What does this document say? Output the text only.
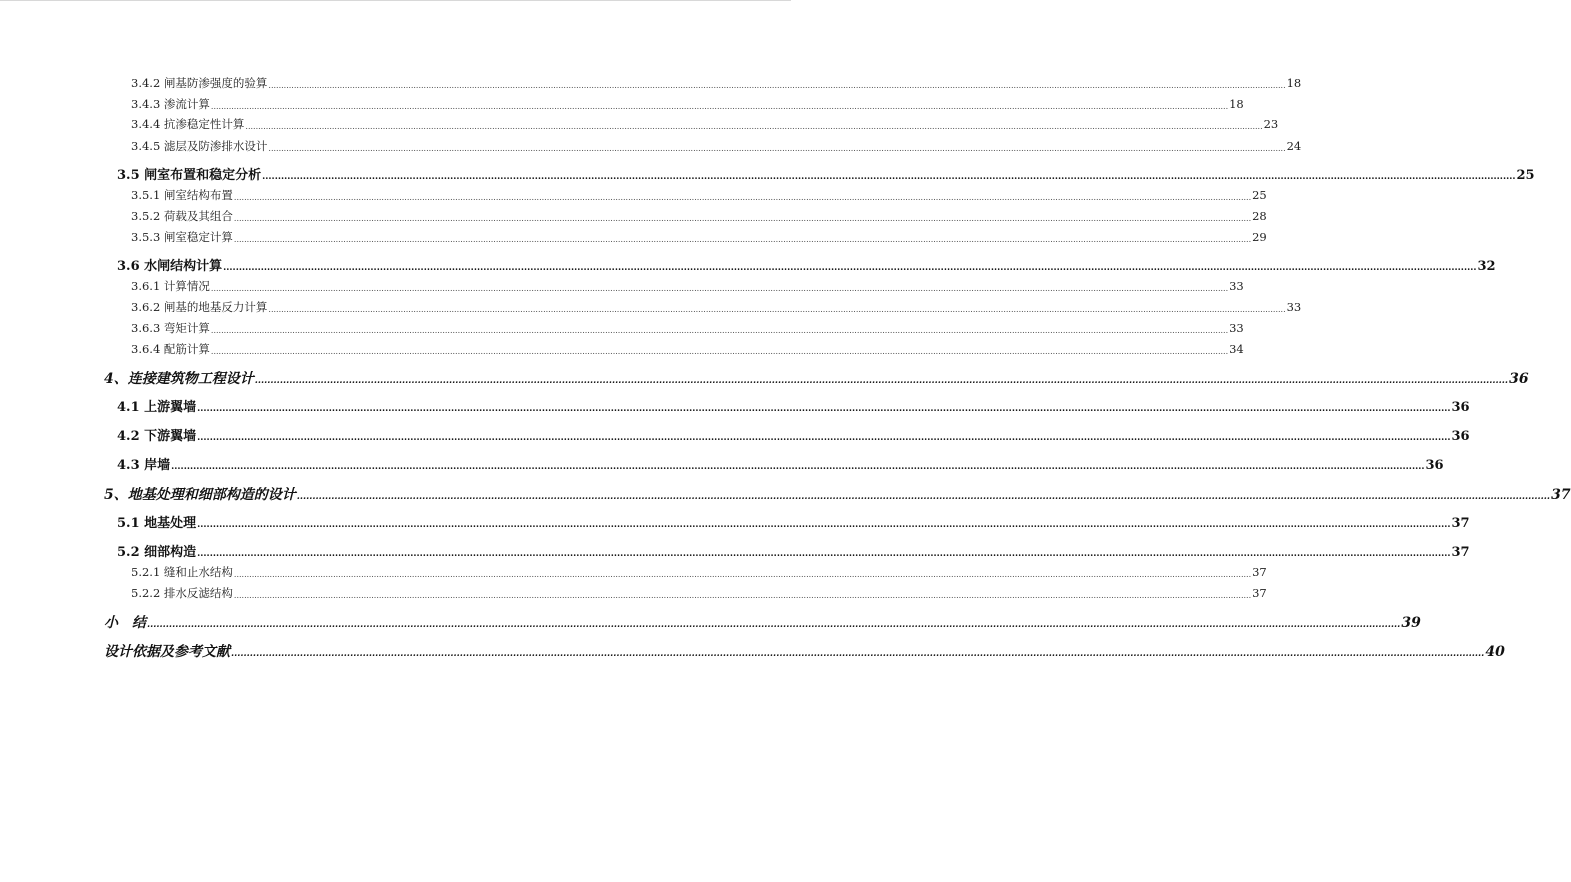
3.4.2 闸基防渗强度的验算 ................................................................................................................................................................................................................................................................................................................................................................................................................ 18
3.4.3 渗流计算 ................................................................................................................................................................................................................................................................................................................................................................................................................ 18
3.4.4 抗渗稳定性计算 ................................................................................................................................................................................................................................................................................................................................................................................................................ 23
3.4.5 滤层及防渗排水设计 ................................................................................................................................................................................................................................................................................................................................................................................................................ 24
3.5 闸室布置和稳定分析 ................................................................................................................................................................................................................................................................................................................................................................................................................ 25
3.5.1 闸室结构布置 ................................................................................................................................................................................................................................................................................................................................................................................................................ 25
3.5.2 荷载及其组合 ................................................................................................................................................................................................................................................................................................................................................................................................................ 28
3.5.3 闸室稳定计算 ................................................................................................................................................................................................................................................................................................................................................................................................................ 29
3.6 水闸结构计算 ................................................................................................................................................................................................................................................................................................................................................................................................................ 32
3.6.1 计算情况 ................................................................................................................................................................................................................................................................................................................................................................................................................ 33
3.6.2 闸基的地基反力计算 ................................................................................................................................................................................................................................................................................................................................................................................................................ 33
3.6.3 弯矩计算 ................................................................................................................................................................................................................................................................................................................................................................................................................ 33
3.6.4 配筋计算 ................................................................................................................................................................................................................................................................................................................................................................................................................ 34
4、连接建筑物工程设计 ................................................................................................................................................................................................................................................................................................................................................................................................................ 36
4.1 上游翼墙 ................................................................................................................................................................................................................................................................................................................................................................................................................ 36
4.2 下游翼墙 ................................................................................................................................................................................................................................................................................................................................................................................................................ 36
4.3 岸墙 ................................................................................................................................................................................................................................................................................................................................................................................................................ 36
5、地基处理和细部构造的设计 ................................................................................................................................................................................................................................................................................................................................................................................................................ 37
5.1 地基处理 ................................................................................................................................................................................................................................................................................................................................................................................................................ 37
5.2 细部构造 ................................................................................................................................................................................................................................................................................................................................................................................................................ 37
5.2.1 缝和止水结构 ................................................................................................................................................................................................................................................................................................................................................................................................................ 37
5.2.2 排水反滤结构 ................................................................................................................................................................................................................................................................................................................................................................................................................ 37
小　结 ................................................................................................................................................................................................................................................................................................................................................................................................................ 39
设计依据及参考文献 ................................................................................................................................................................................................................................................................................................................................................................................................................ 40
